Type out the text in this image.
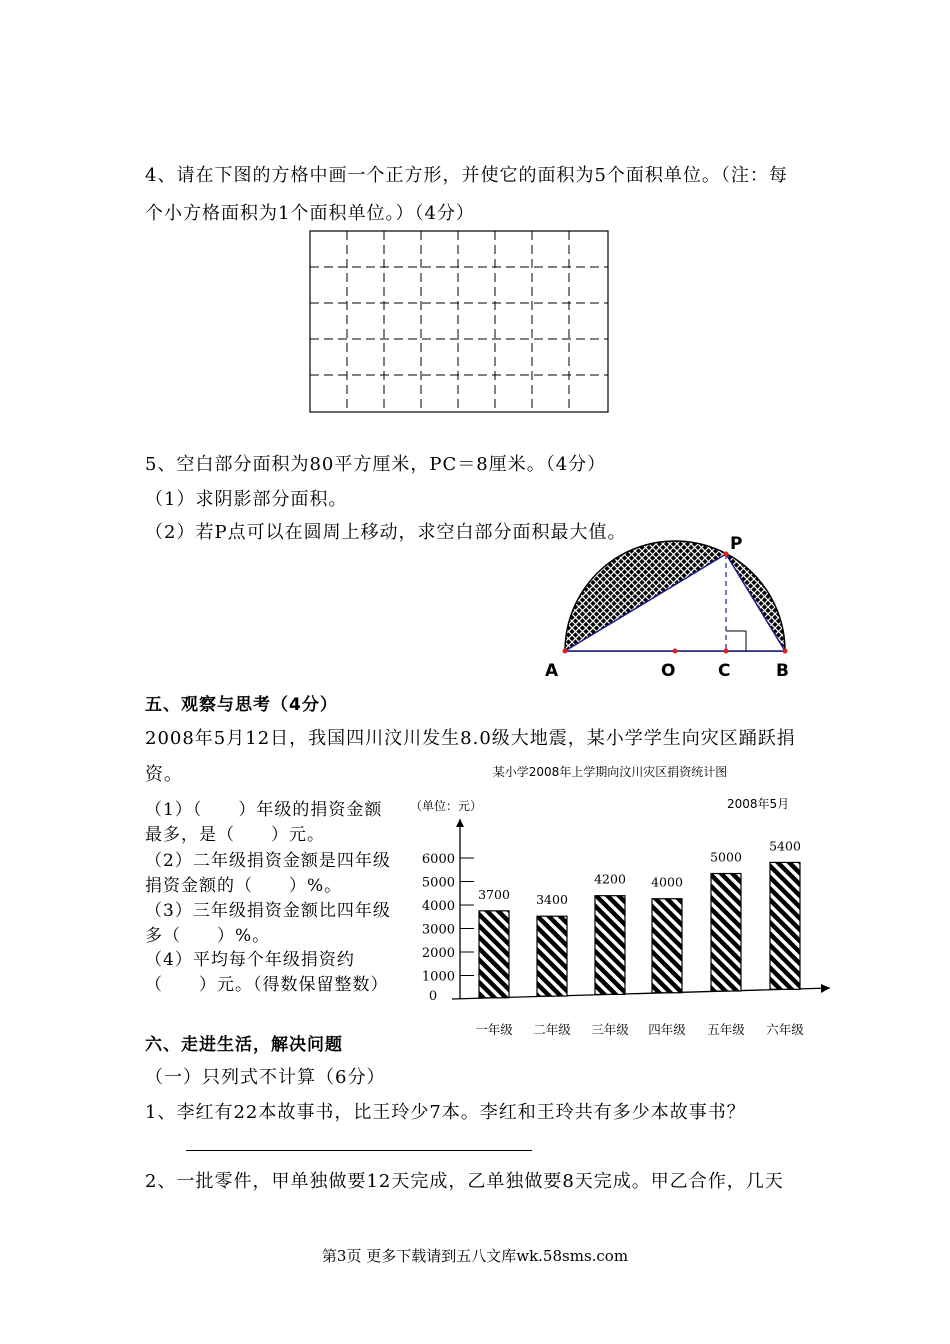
4、请在下图的方格中画一个正方形，并使它的面积为5个面积单位。（注：每
个小方格面积为1个面积单位。）（4分）
5、空白部分面积为80平方厘米，PC＝8厘米。（4分）
（1）求阴影部分面积。
（2）若P点可以在圆周上移动，求空白部分面积最大值。
P
A	O	C	B
五、观察与思考（4分）
2008年5月12日，我国四川汶川发生8.0级大地震，某小学学生向灾区踊跃捐
资。
（1）（　　）年级的捐资金额
最多，是（　　）元。
（2）二年级捐资金额是四年级
捐资金额的（　　）%。
（3）三年级捐资金额比四年级
多（　　）%。
（4）平均每个年级捐资约
（　　）元。（得数保留整数）
某小学2008年上学期向汶川灾区捐资统计图
（单位：元）	2008年5月
0
1000
2000
3000
4000
5000
6000
3700
一年级
3400
二年级
4200
三年级
4000
四年级
5000
五年级
5400
六年级
六、走进生活，解决问题
（一）只列式不计算（6分）
1、李红有22本故事书，比王玲少7本。李红和王玲共有多少本故事书？
2、一批零件，甲单独做要12天完成，乙单独做要8天完成。甲乙合作，几天
第3页 更多下载请到五八文库wk.58sms.com
